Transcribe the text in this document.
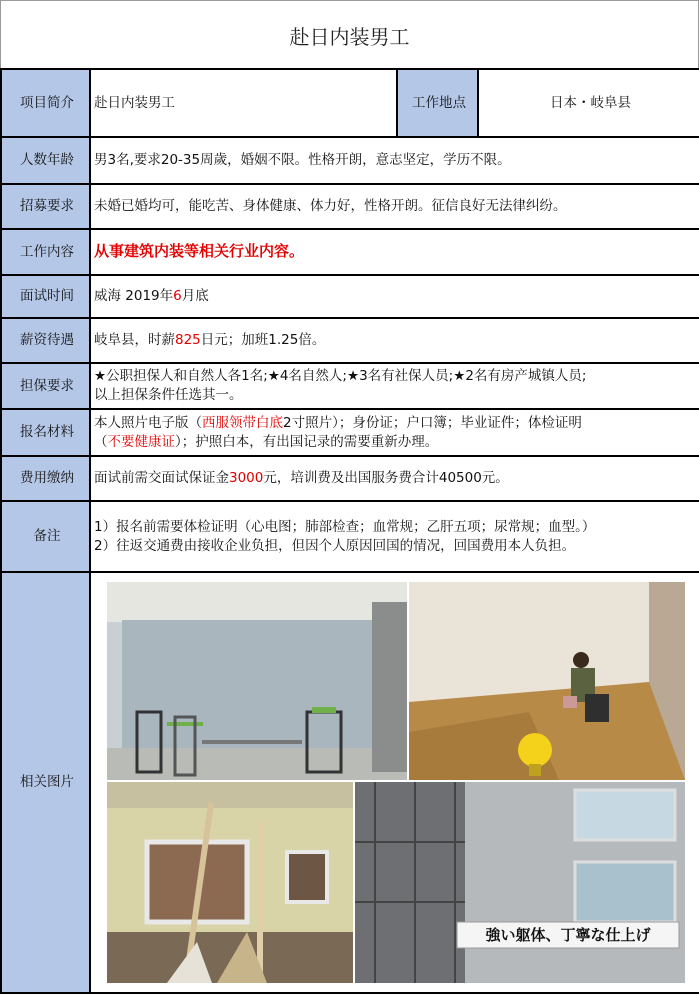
赴日内装男工
项目简介	赴日内装男工	工作地点	日本・岐阜县
人数年龄	男3名,要求20-35周歲，婚姻不限。性格开朗，意志坚定，学历不限。		
招募要求	未婚已婚均可，能吃苦、身体健康、体力好，性格开朗。征信良好无法律纠纷。		
工作内容	从事建筑内装等相关行业内容。		
面试时间	威海 2019年6月底		
薪资待遇	岐阜县，时薪825日元；加班1.25倍。		
担保要求	★公职担保人和自然人各1名;★4名自然人;★3名有社保人员;★2名有房产城镇人员;
以上担保条件任选其一。		

报名材料	本人照片电子版（西服领带白底2寸照片）；身份证；户口簿；毕业证件；体检证明
（不要健康证）；护照白本，有出国记录的需要重新办理。		
费用缴纳	面试前需交面试保证金3000元，培训费及出国服务费合计40500元。		
备注	1）报名前需要体检证明（心电图；肺部检查；血常规；乙肝五项；尿常规；血型。）
2）往返交通费由接收企业负担，但因个人原因回国的情况，回国费用本人负担。		

相关图片	強い躯体、丁寧な仕上げ		
